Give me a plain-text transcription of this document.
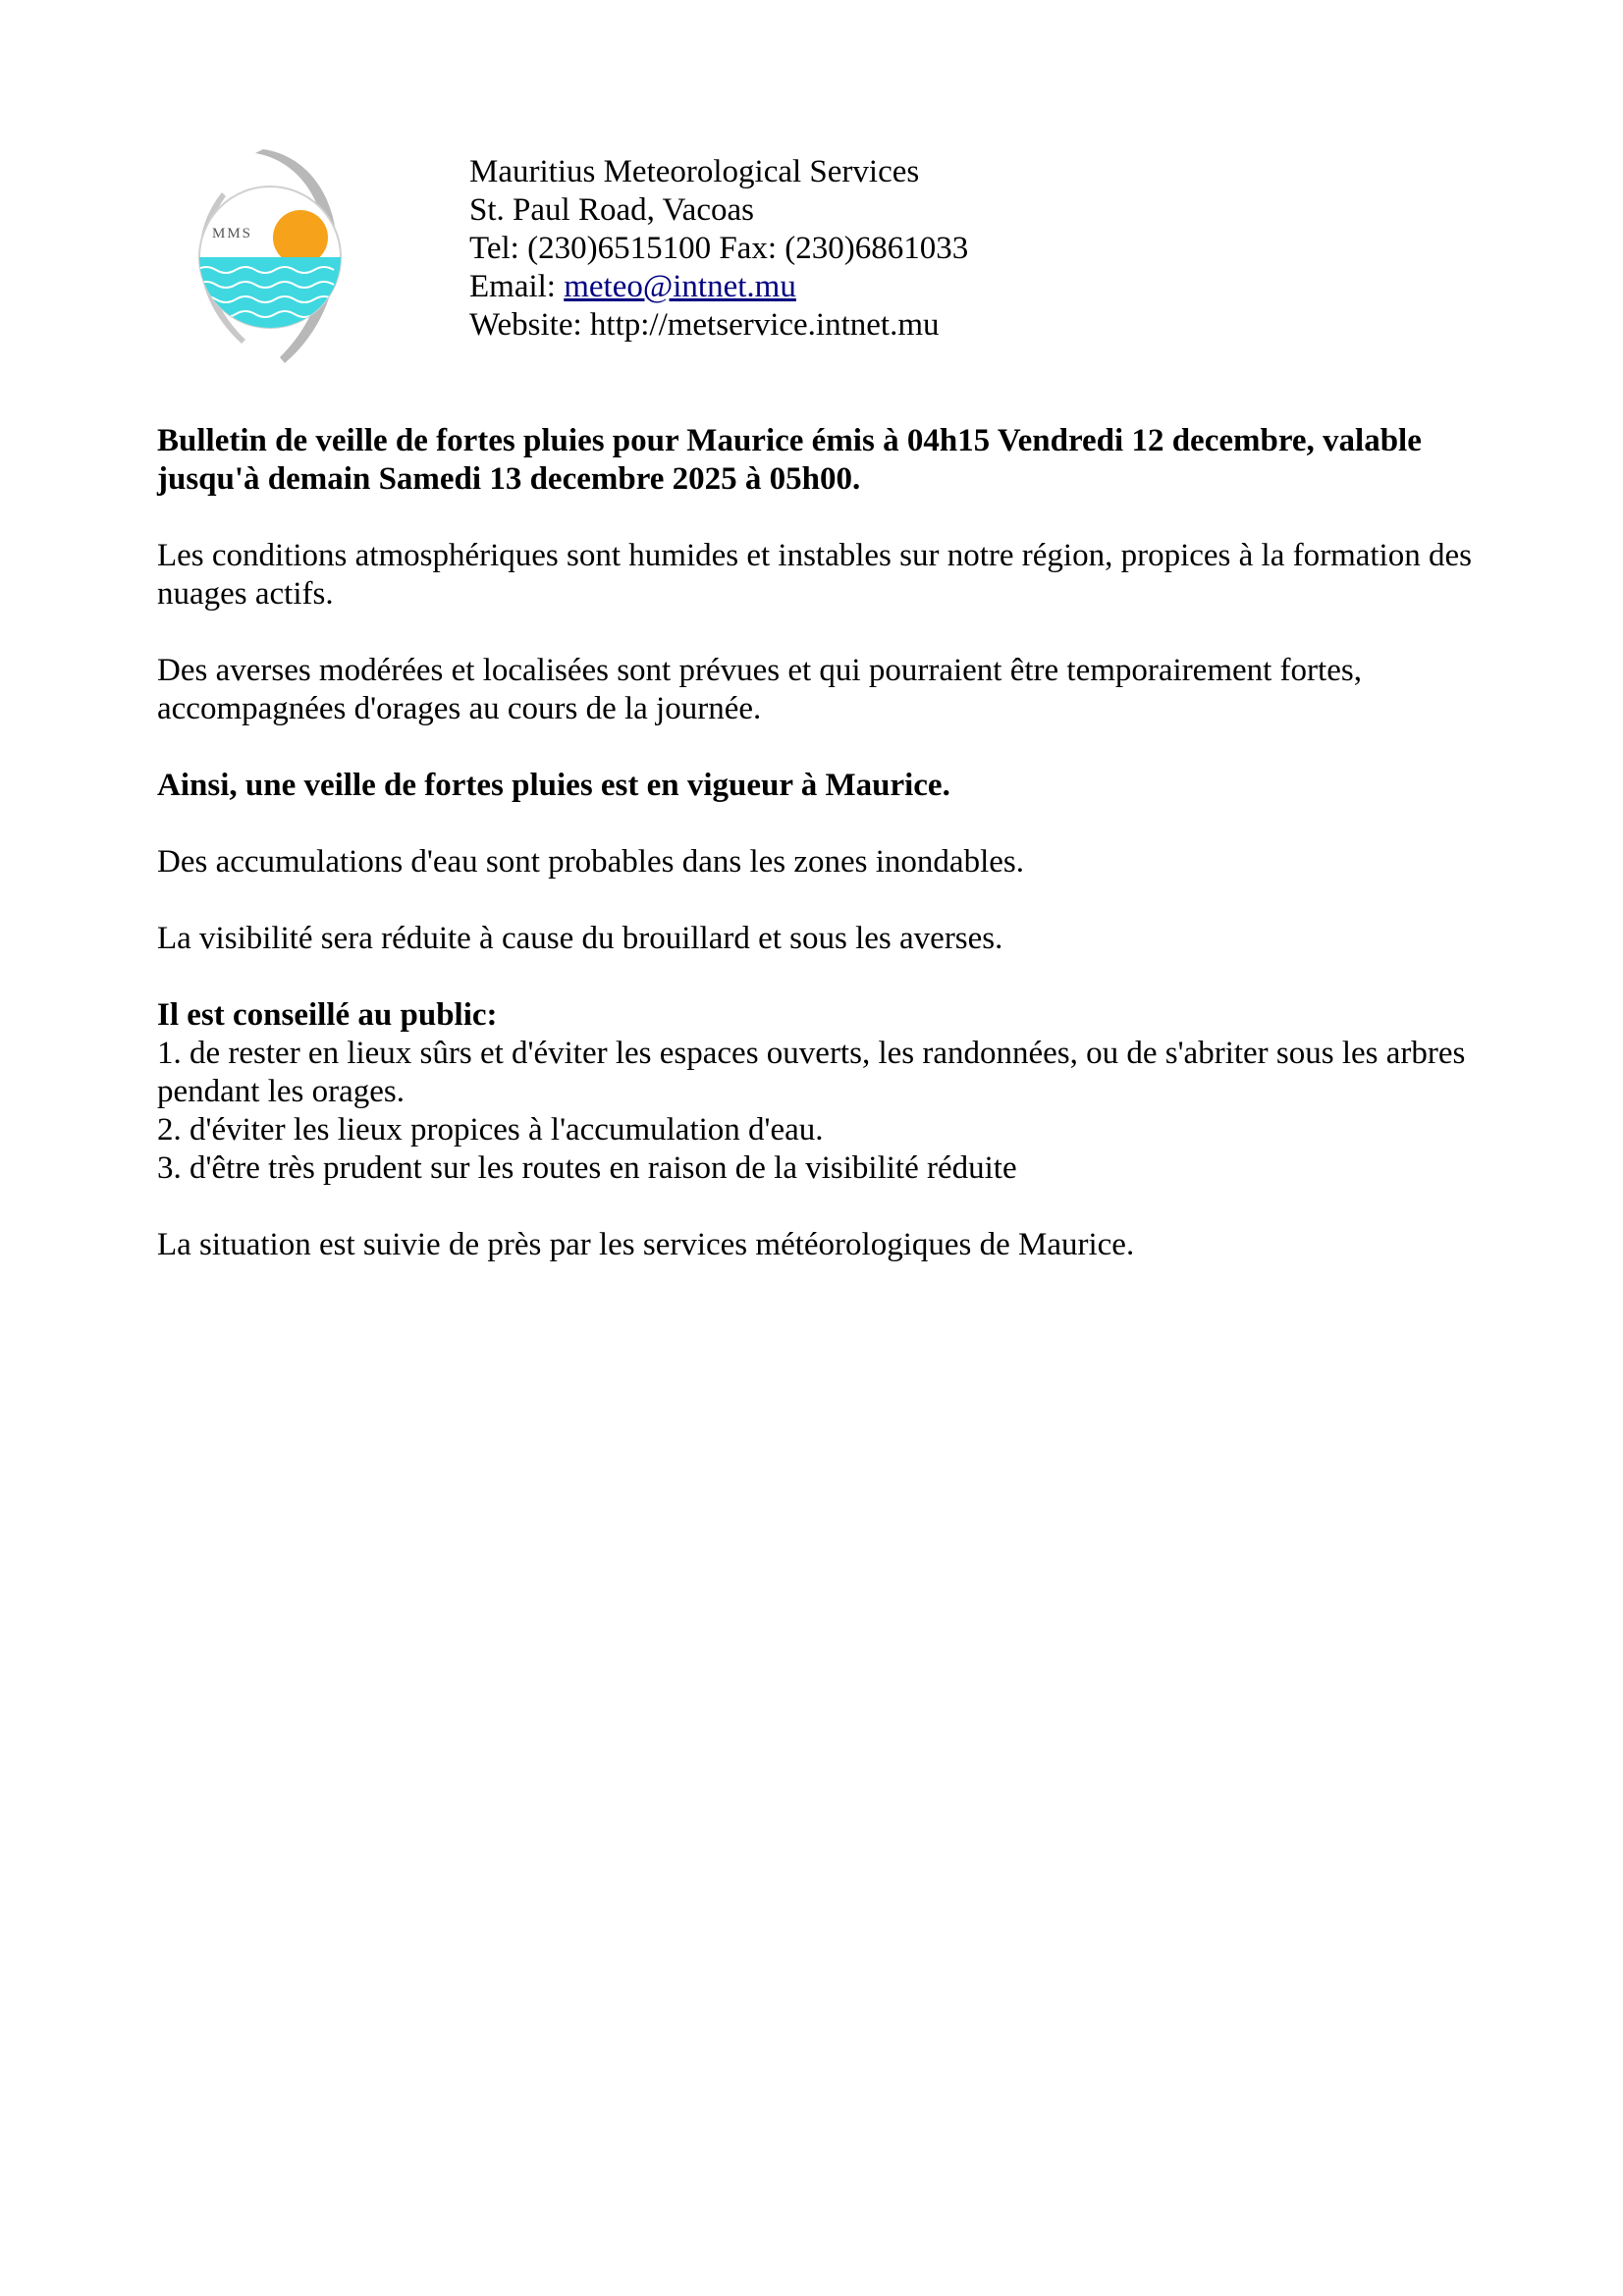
MMS
Mauritius Meteorological Services
St. Paul Road, Vacoas
Tel: (230)6515100 Fax: (230)6861033
Email: meteo@intnet.mu
Website: http://metservice.intnet.mu

Bulletin de veille de fortes pluies pour Maurice émis à 04h15 Vendredi 12 decembre, valable jusqu'à demain Samedi 13 decembre 2025 à 05h00.

Les conditions atmosphériques sont humides et instables sur notre région, propices à la formation des nuages actifs.

Des averses modérées et localisées sont prévues et qui pourraient être temporairement fortes, accompagnées d'orages au cours de la journée.

Ainsi, une veille de fortes pluies est en vigueur à Maurice.

Des accumulations d'eau sont probables dans les zones inondables.

La visibilité sera réduite à cause du brouillard et sous les averses.

Il est conseillé au public:
1. de rester en lieux sûrs et d'éviter les espaces ouverts, les randonnées, ou de s'abriter sous les arbres pendant les orages.
2. d'éviter les lieux propices à l'accumulation d'eau.
3. d'être très prudent sur les routes en raison de la visibilité réduite

La situation est suivie de près par les services météorologiques de Maurice.
